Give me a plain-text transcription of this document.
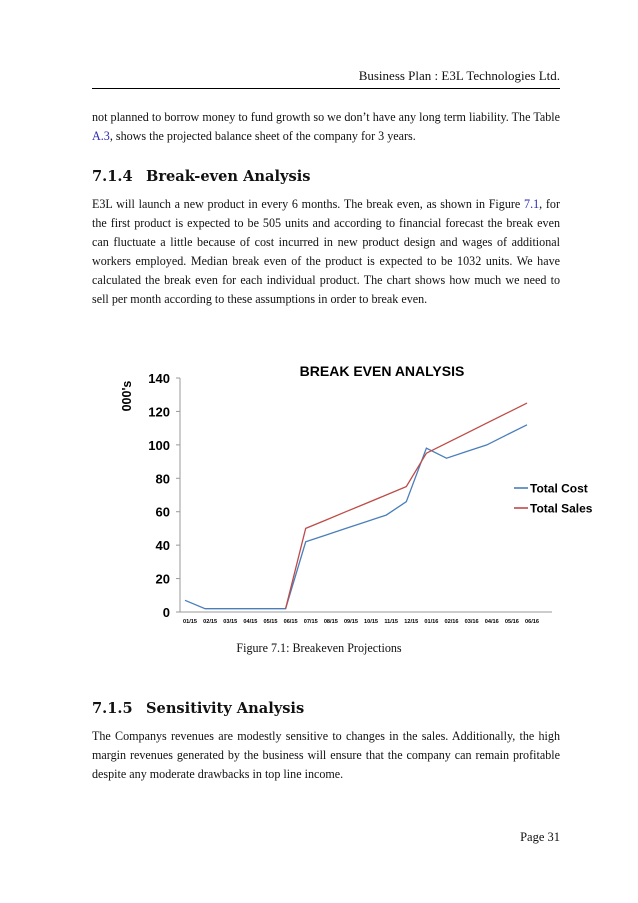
Business Plan : E3L Technologies Ltd.

not planned to borrow money to fund growth so we don’t have any long term liability. The Table A.3, shows the projected balance sheet of the company for 3 years.

7.1.4 Break-even Analysis

E3L will launch a new product in every 6 months. The break even, as shown in Figure 7.1, for the first product is expected to be 505 units and according to financial forecast the break even can fluctuate a little because of cost incurred in new product design and wages of additional workers employed. Median break even of the product is expected to be 1032 units. We have calculated the break even for each individual product. The chart shows how much we need to sell per month according to these assumptions in order to break even.

BREAK EVEN ANALYSIS
000's
0
20
40
60
80
100
120
140
01/15 02/15 03/15 04/15 05/15 06/15 07/15 08/15 09/15 10/15 11/15 12/15 01/16 02/16 03/16 04/16 05/16 06/16
Total Cost
Total Sales
Figure 7.1: Breakeven Projections
7.1.5 Sensitivity Analysis

The Companys revenues are modestly sensitive to changes in the sales. Additionally, the high margin revenues generated by the business will ensure that the company can remain profitable despite any moderate drawbacks in top line income.

Page 31
